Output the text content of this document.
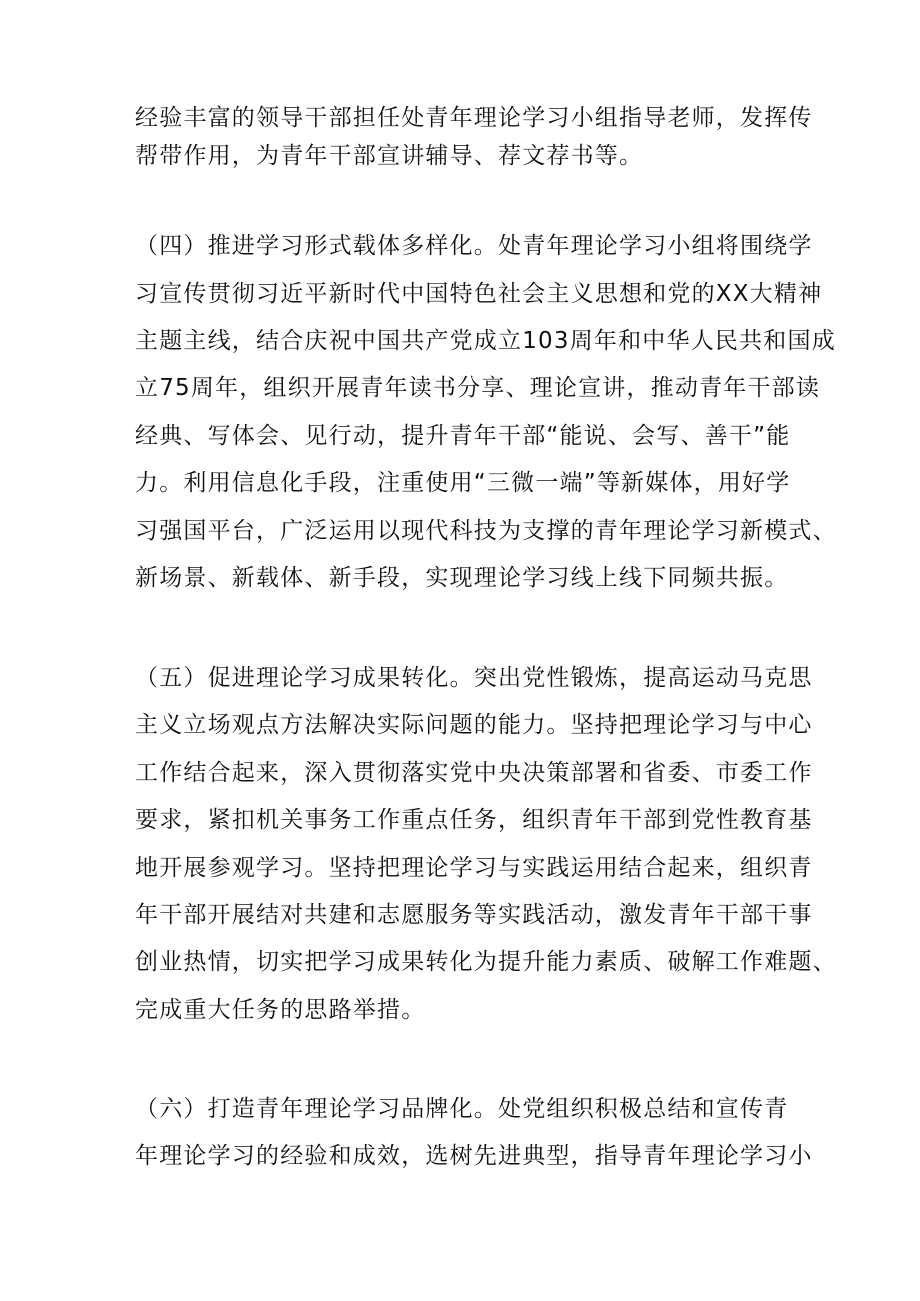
经验丰富的领导干部担任处青年理论学习小组指导老师，发挥传
帮带作用，为青年干部宣讲辅导、荐文荐书等。
（四）推进学习形式载体多样化。处青年理论学习小组将围绕学
习宣传贯彻习近平新时代中国特色社会主义思想和党的XX大精神
主题主线，结合庆祝中国共产党成立103周年和中华人民共和国成
立75周年，组织开展青年读书分享、理论宣讲，推动青年干部读
经典、写体会、见行动，提升青年干部“能说、会写、善干”能
力。利用信息化手段，注重使用“三微一端”等新媒体，用好学
习强国平台，广泛运用以现代科技为支撑的青年理论学习新模式、
新场景、新载体、新手段，实现理论学习线上线下同频共振。
（五）促进理论学习成果转化。突出党性锻炼，提高运动马克思
主义立场观点方法解决实际问题的能力。坚持把理论学习与中心
工作结合起来，深入贯彻落实党中央决策部署和省委、市委工作
要求，紧扣机关事务工作重点任务，组织青年干部到党性教育基
地开展参观学习。坚持把理论学习与实践运用结合起来，组织青
年干部开展结对共建和志愿服务等实践活动，激发青年干部干事
创业热情，切实把学习成果转化为提升能力素质、破解工作难题、
完成重大任务的思路举措。
（六）打造青年理论学习品牌化。处党组织积极总结和宣传青
年理论学习的经验和成效，选树先进典型，指导青年理论学习小
